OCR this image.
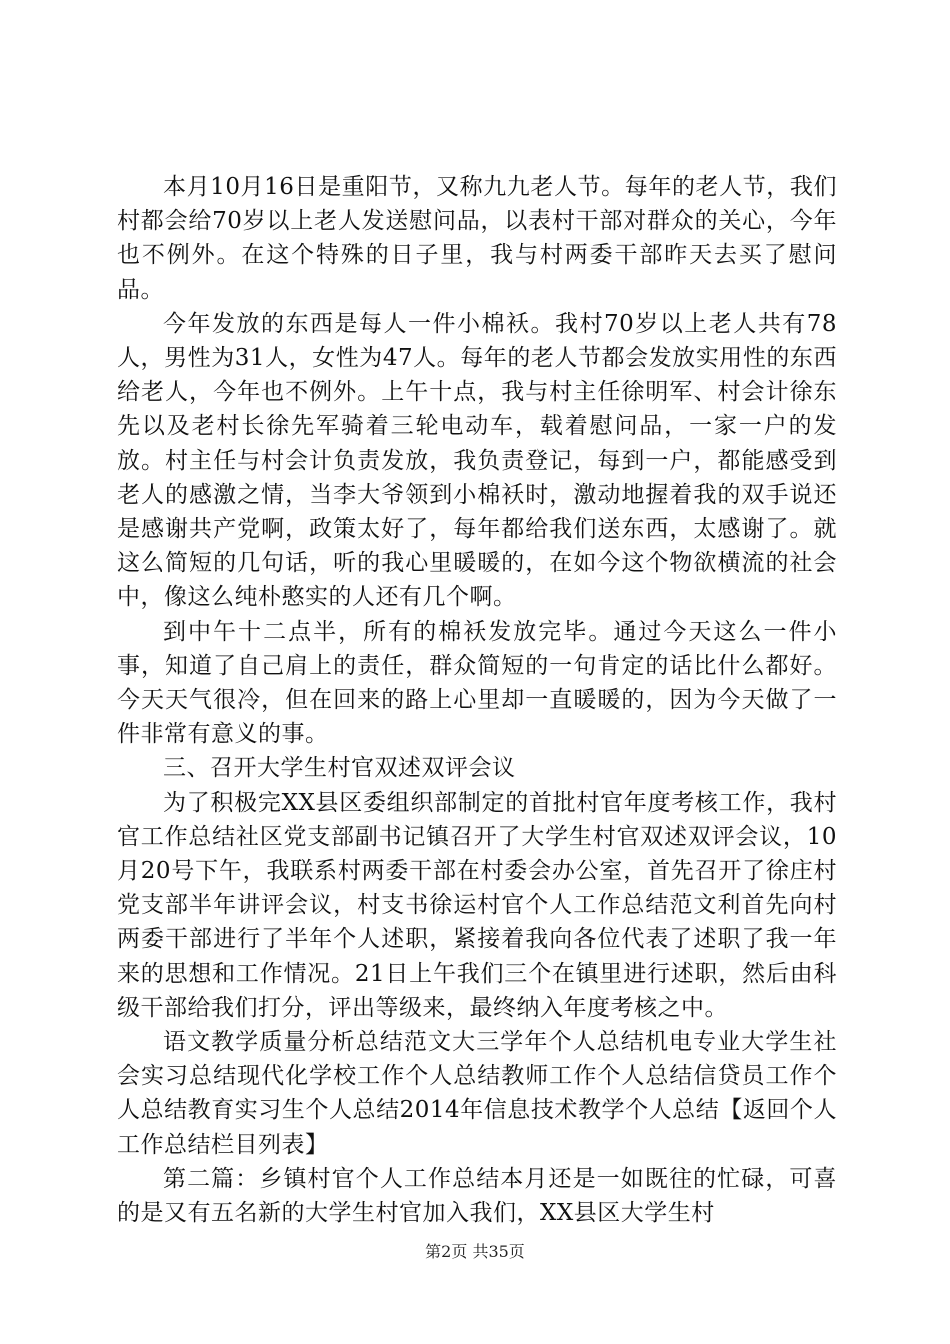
本月10月16日是重阳节，又称九九老人节。每年的老人节，我们村都会给70岁以上老人发送慰问品，以表村干部对群众的关心，今年也不例外。在这个特殊的日子里，我与村两委干部昨天去买了慰问品。

今年发放的东西是每人一件小棉袄。我村70岁以上老人共有78人，男性为31人，女性为47人。每年的老人节都会发放实用性的东西给老人，今年也不例外。上午十点，我与村主任徐明军、村会计徐东先以及老村长徐先军骑着三轮电动车，载着慰问品，一家一户的发放。村主任与村会计负责发放，我负责登记，每到一户，都能感受到老人的感激之情，当李大爷领到小棉袄时，激动地握着我的双手说还是感谢共产党啊，政策太好了，每年都给我们送东西，太感谢了。就这么简短的几句话，听的我心里暖暖的，在如今这个物欲横流的社会中，像这么纯朴憨实的人还有几个啊。

到中午十二点半，所有的棉袄发放完毕。通过今天这么一件小事，知道了自己肩上的责任，群众简短的一句肯定的话比什么都好。今天天气很冷，但在回来的路上心里却一直暖暖的，因为今天做了一件非常有意义的事。

三、召开大学生村官双述双评会议

为了积极完XX县区委组织部制定的首批村官年度考核工作，我村官工作总结社区党支部副书记镇召开了大学生村官双述双评会议，10月20号下午，我联系村两委干部在村委会办公室，首先召开了徐庄村党支部半年讲评会议，村支书徐运村官个人工作总结范文利首先向村两委干部进行了半年个人述职，紧接着我向各位代表了述职了我一年来的思想和工作情况。21日上午我们三个在镇里进行述职，然后由科级干部给我们打分，评出等级来，最终纳入年度考核之中。

语文教学质量分析总结范文大三学年个人总结机电专业大学生社会实习总结现代化学校工作个人总结教师工作个人总结信贷员工作个人总结教育实习生个人总结2014年信息技术教学个人总结【返回个人工作总结栏目列表】

第二篇：乡镇村官个人工作总结本月还是一如既往的忙碌，可喜的是又有五名新的大学生村官加入我们，XX县区大学生村

第2页 共35页
